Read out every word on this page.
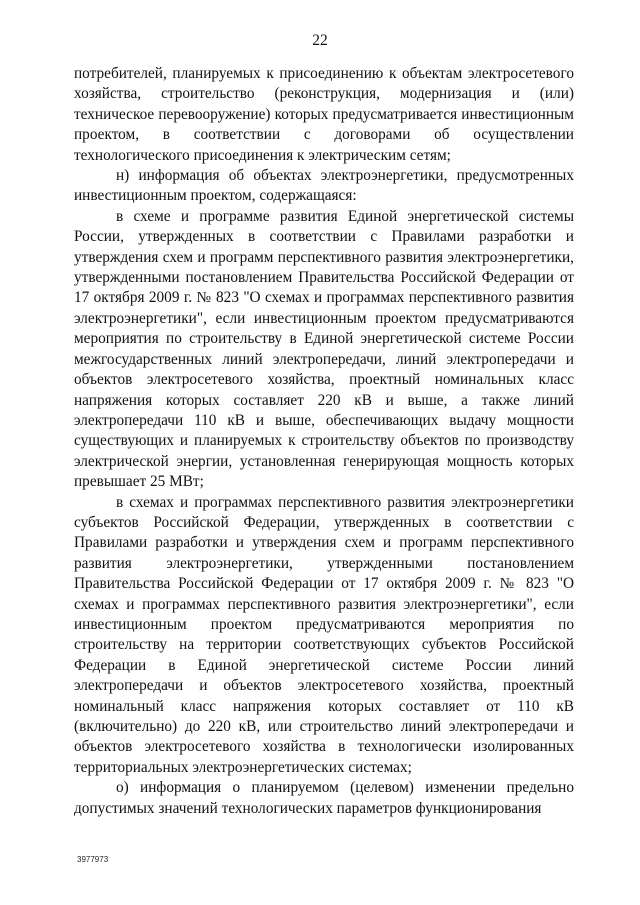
22

потребителей, планируемых к присоединению к объектам электросетевого хозяйства, строительство (реконструкция, модернизация и (или) техническое перевооружение) которых предусматривается инвестиционным проектом, в соответствии с договорами об осуществлении технологического присоединения к электрическим сетям;

н) информация об объектах электроэнергетики, предусмотренных инвестиционным проектом, содержащаяся:

в схеме и программе развития Единой энергетической системы России, утвержденных в соответствии с Правилами разработки и утверждения схем и программ перспективного развития электроэнергетики, утвержденными постановлением Правительства Российской Федерации от 17 октября 2009 г. № 823 "О схемах и программах перспективного развития электроэнергетики", если инвестиционным проектом предусматриваются мероприятия по строительству в Единой энергетической системе России межгосударственных линий электропередачи, линий электропередачи и объектов электросетевого хозяйства, проектный номинальных класс напряжения которых составляет 220 кВ и выше, а также линий электропередачи 110 кВ и выше, обеспечивающих выдачу мощности существующих и планируемых к строительству объектов по производству электрической энергии, установленная генерирующая мощность которых превышает 25 МВт;

в схемах и программах перспективного развития электроэнергетики субъектов Российской Федерации, утвержденных в соответствии с Правилами разработки и утверждения схем и программ перспективного развития электроэнергетики, утвержденными постановлением Правительства Российской Федерации от 17 октября 2009 г. № 823 "О схемах и программах перспективного развития электроэнергетики", если инвестиционным проектом предусматриваются мероприятия по строительству на территории соответствующих субъектов Российской Федерации в Единой энергетической системе России линий электропередачи и объектов электросетевого хозяйства, проектный номинальный класс напряжения которых составляет от 110 кВ (включительно) до 220 кВ, или строительство линий электропередачи и объектов электросетевого хозяйства в технологически изолированных территориальных электроэнергетических системах;

о) информация о планируемом (целевом) изменении предельно допустимых значений технологических параметров функционирования

3977973
